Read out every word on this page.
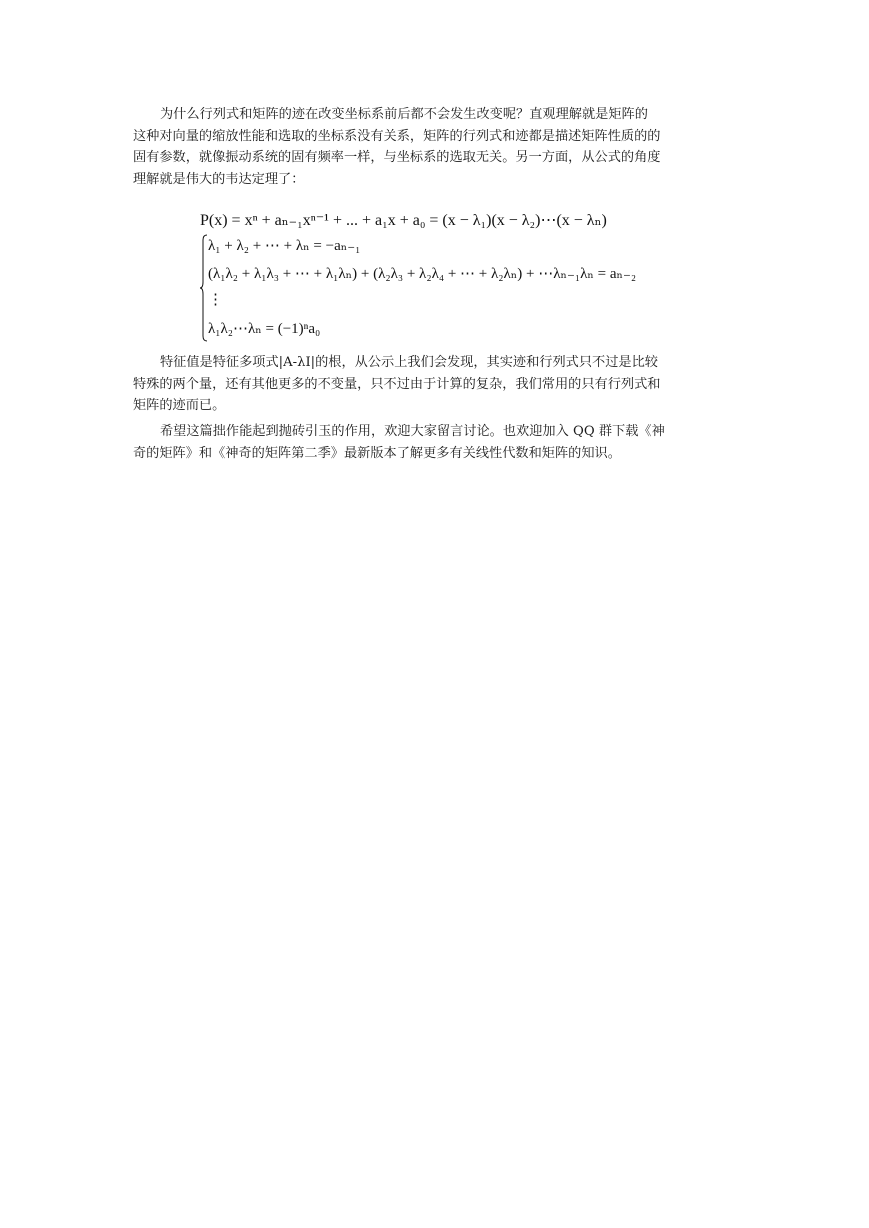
为什么行列式和矩阵的迹在改变坐标系前后都不会发生改变呢？直观理解就是矩阵的
这种对向量的缩放性能和选取的坐标系没有关系，矩阵的行列式和迹都是描述矩阵性质的的
固有参数，就像振动系统的固有频率一样，与坐标系的选取无关。另一方面，从公式的角度
理解就是伟大的韦达定理了：

P(x) = xⁿ + aₙ₋₁xⁿ⁻¹ + ... + a₁x + a₀ = (x − λ₁)(x − λ₂)⋯(x − λₙ)
λ₁ + λ₂ + ⋯ + λₙ = −aₙ₋₁
(λ₁λ₂ + λ₁λ₃ + ⋯ + λ₁λₙ) + (λ₂λ₃ + λ₂λ₄ + ⋯ + λ₂λₙ) + ⋯λₙ₋₁λₙ = aₙ₋₂
⋮
λ₁λ₂⋯λₙ = (−1)ⁿa₀

特征值是特征多项式|A-λI|的根，从公示上我们会发现，其实迹和行列式只不过是比较
特殊的两个量，还有其他更多的不变量，只不过由于计算的复杂，我们常用的只有行列式和
矩阵的迹而已。

希望这篇拙作能起到抛砖引玉的作用，欢迎大家留言讨论。也欢迎加入 QQ 群下载《神
奇的矩阵》和《神奇的矩阵第二季》最新版本了解更多有关线性代数和矩阵的知识。
